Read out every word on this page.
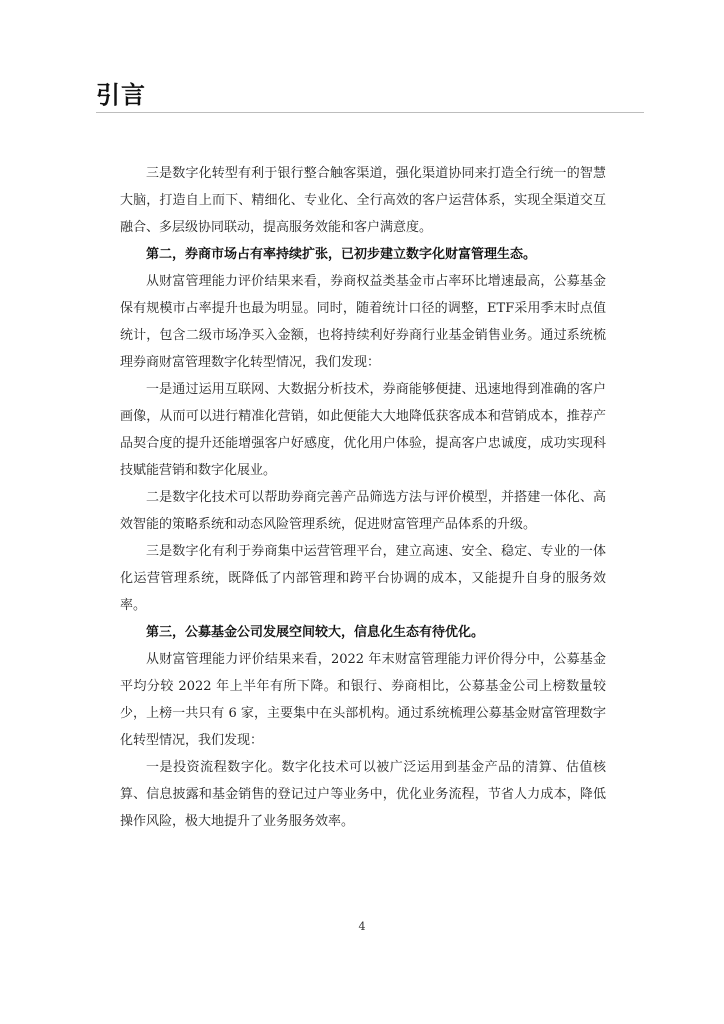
引言

三是数字化转型有利于银行整合触客渠道，强化渠道协同来打造全行统一的智慧大脑，打造自上而下、精细化、专业化、全行高效的客户运营体系，实现全渠道交互融合、多层级协同联动，提高服务效能和客户满意度。

第二，券商市场占有率持续扩张，已初步建立数字化财富管理生态。

从财富管理能力评价结果来看，券商权益类基金市占率环比增速最高，公募基金保有规模市占率提升也最为明显。同时，随着统计口径的调整，ETF采用季末时点值统计，包含二级市场净买入金额，也将持续利好券商行业基金销售业务。通过系统梳理券商财富管理数字化转型情况，我们发现：

一是通过运用互联网、大数据分析技术，券商能够便捷、迅速地得到准确的客户画像，从而可以进行精准化营销，如此便能大大地降低获客成本和营销成本，推荐产品契合度的提升还能增强客户好感度，优化用户体验，提高客户忠诚度，成功实现科技赋能营销和数字化展业。

二是数字化技术可以帮助券商完善产品筛选方法与评价模型，并搭建一体化、高效智能的策略系统和动态风险管理系统，促进财富管理产品体系的升级。

三是数字化有利于券商集中运营管理平台，建立高速、安全、稳定、专业的一体化运营管理系统，既降低了内部管理和跨平台协调的成本，又能提升自身的服务效率。

第三，公募基金公司发展空间较大，信息化生态有待优化。

从财富管理能力评价结果来看，2022 年末财富管理能力评价得分中，公募基金平均分较 2022 年上半年有所下降。和银行、券商相比，公募基金公司上榜数量较少，上榜一共只有 6 家，主要集中在头部机构。通过系统梳理公募基金财富管理数字化转型情况，我们发现：

一是投资流程数字化。数字化技术可以被广泛运用到基金产品的清算、估值核算、信息披露和基金销售的登记过户等业务中，优化业务流程，节省人力成本，降低操作风险，极大地提升了业务服务效率。

4
